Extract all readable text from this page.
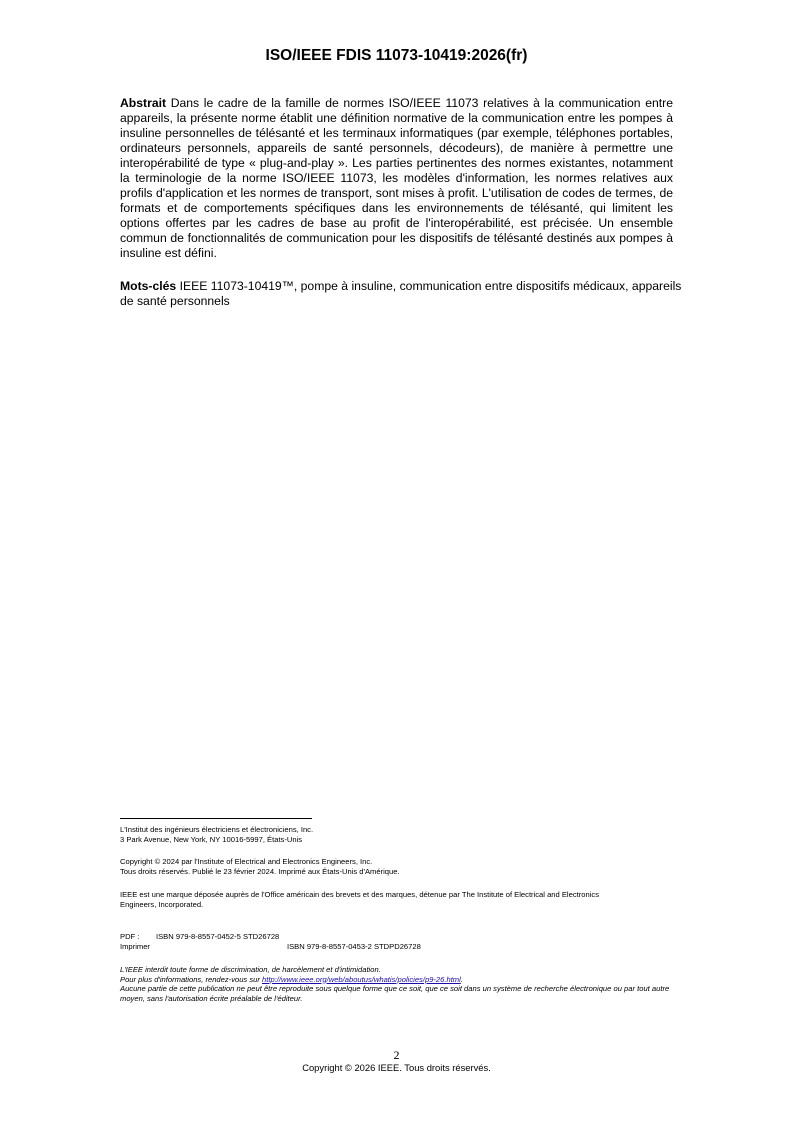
ISO/IEEE FDIS 11073-10419:2026(fr)

Abstrait Dans le cadre de la famille de normes ISO/IEEE 11073 relatives à la communication entre appareils, la présente norme établit une définition normative de la communication entre les pompes à insuline personnelles de télésanté et les terminaux informatiques (par exemple, téléphones portables, ordinateurs personnels, appareils de santé personnels, décodeurs), de manière à permettre une interopérabilité de type « plug-and-play ». Les parties pertinentes des normes existantes, notamment la terminologie de la norme ISO/IEEE 11073, les modèles d'information, les normes relatives aux profils d'application et les normes de transport, sont mises à profit. L'utilisation de codes de termes, de formats et de comportements spécifiques dans les environnements de télésanté, qui limitent les options offertes par les cadres de base au profit de l'interopérabilité, est précisée. Un ensemble commun de fonctionnalités de communication pour les dispositifs de télésanté destinés aux pompes à insuline est défini.

Mots-clés IEEE 11073-10419™, pompe à insuline, communication entre dispositifs médicaux, appareils de santé personnels

L'Institut des ingénieurs électriciens et électroniciens, Inc.
3 Park Avenue, New York, NY 10016-5997, États-Unis
Copyright © 2024 par l'Institute of Electrical and Electronics Engineers, Inc.
Tous droits réservés. Publié le 23 février 2024. Imprimé aux États-Unis d'Amérique.
IEEE est une marque déposée auprès de l'Office américain des brevets et des marques, détenue par The Institute of Electrical and Electronics
Engineers, Incorporated.
PDF : ISBN 979-8-8557-0452-5 STD26728
Imprimer	ISBN 979-8-8557-0453-2 STDPD26728
L'IEEE interdit toute forme de discrimination, de harcèlement et d'intimidation.
Pour plus d'informations, rendez-vous sur http://www.ieee.org/web/aboutus/whatis/policies/p9-26.html.
Aucune partie de cette publication ne peut être reproduite sous quelque forme que ce soit, que ce soit dans un système de recherche électronique ou par tout autre moyen, sans l'autorisation écrite préalable de l'éditeur.
2
Copyright © 2026 IEEE. Tous droits réservés.
